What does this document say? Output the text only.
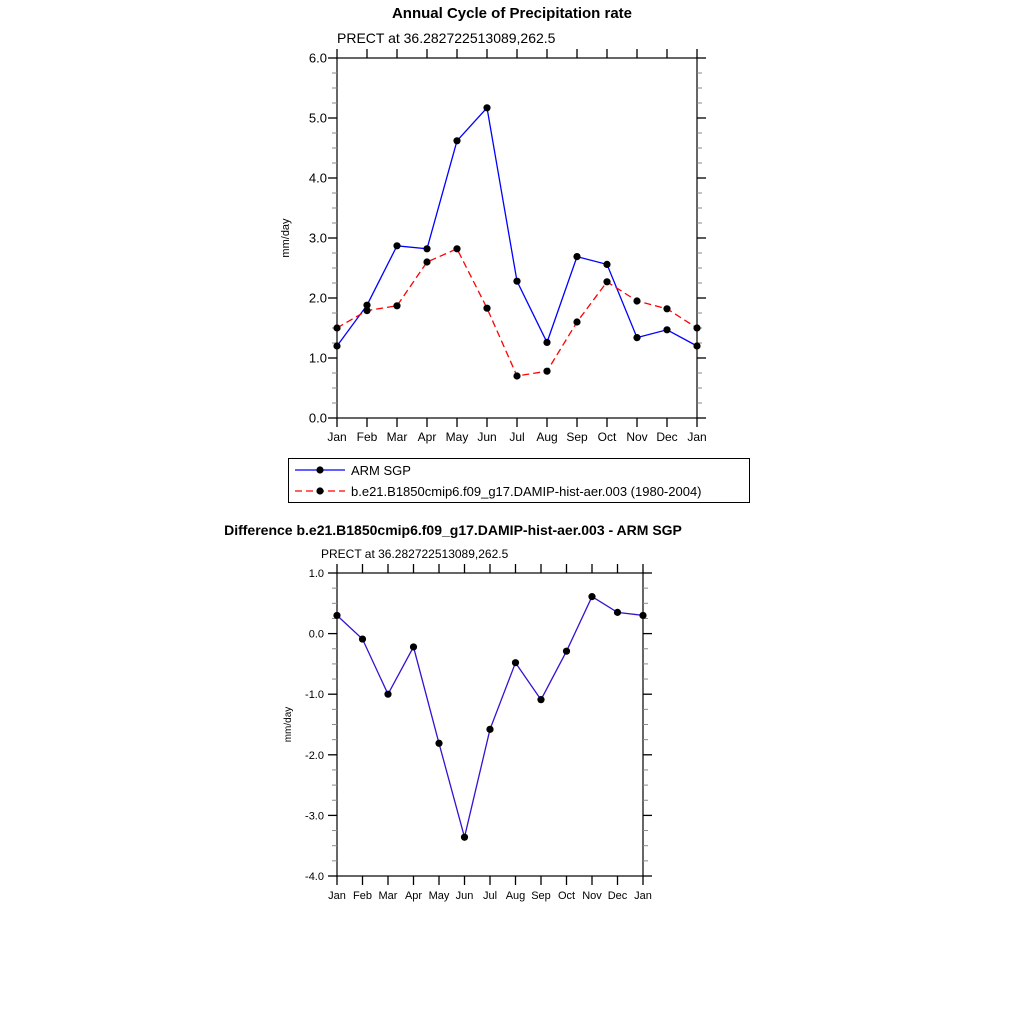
0.0
1.0
2.0
3.0
4.0
5.0
6.0
Jan Feb Mar Apr May Jun Jul Aug Sep Oct Nov Dec Jan
mm/day
-4.0
-3.0
-2.0
-1.0
0.0
1.0
Jan Feb Mar Apr May Jun Jul Aug Sep Oct Nov Dec Jan
mm/day
Annual Cycle of Precipitation rate
PRECT at 36.282722513089,262.5
ARM SGP
b.e21.B1850cmip6.f09_g17.DAMIP-hist-aer.003 (1980-2004)
Difference b.e21.B1850cmip6.f09_g17.DAMIP-hist-aer.003 - ARM SGP
PRECT at 36.282722513089,262.5
